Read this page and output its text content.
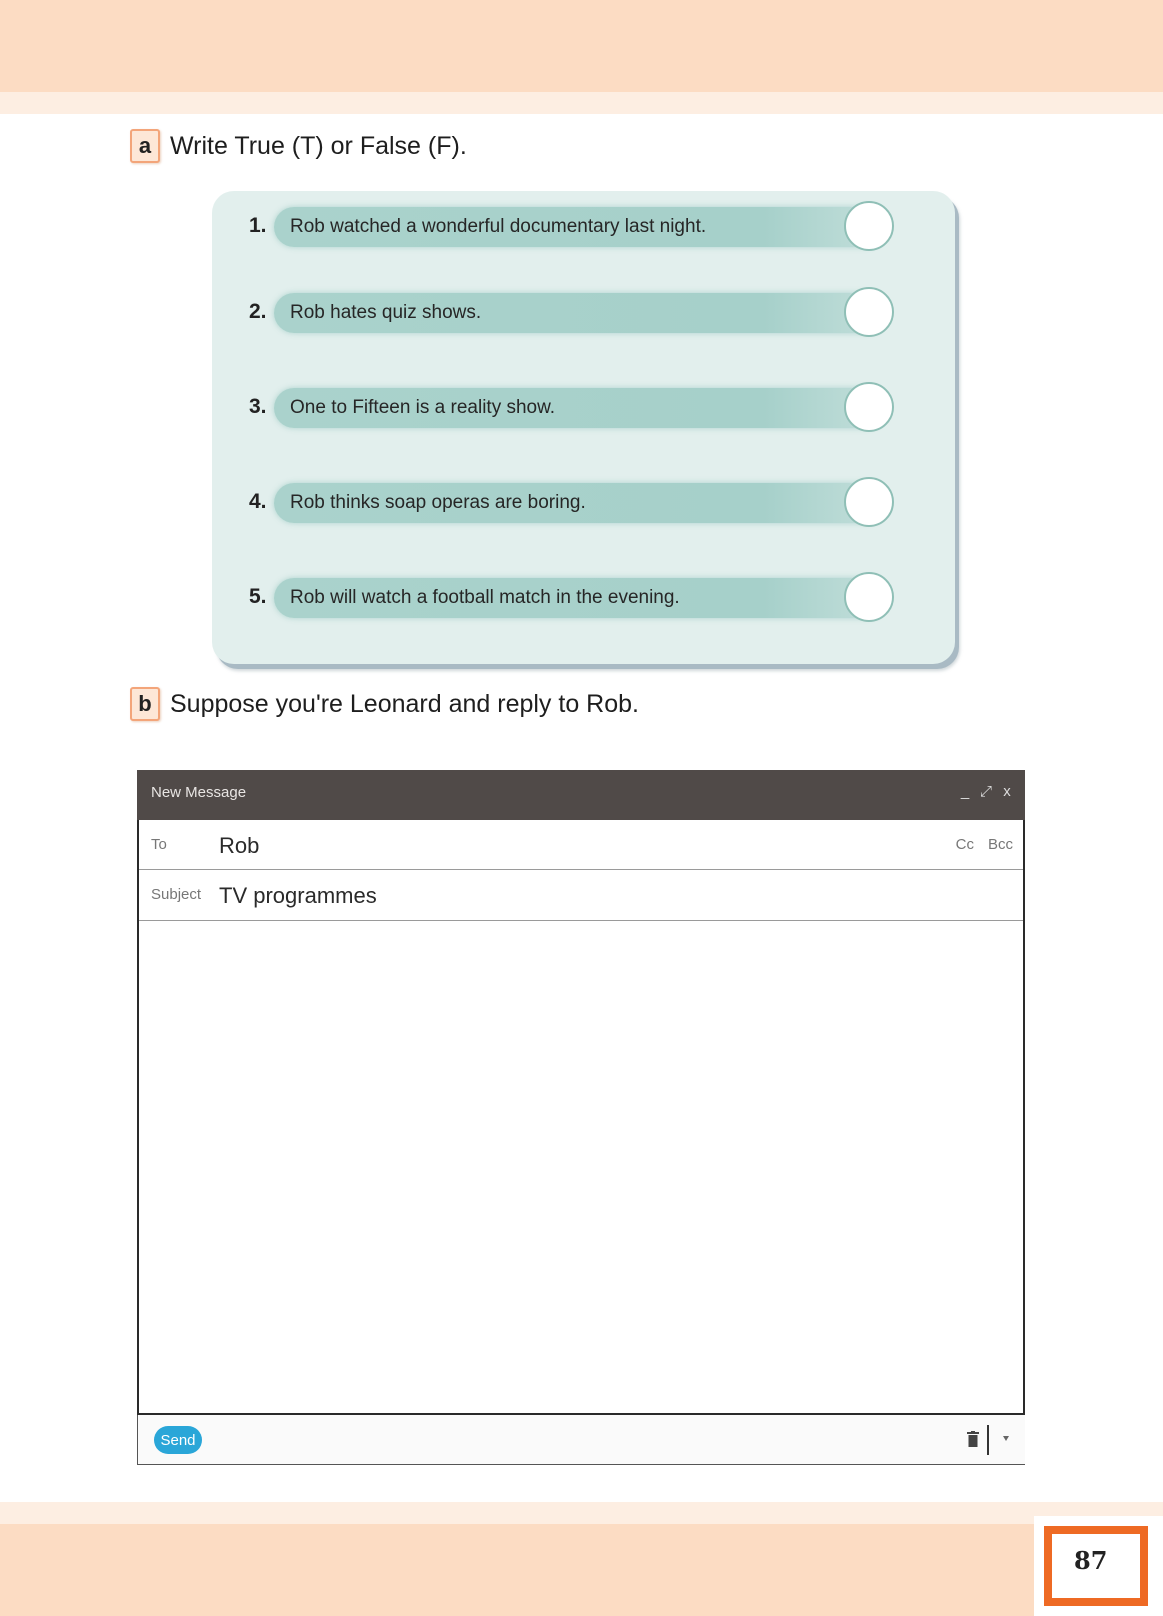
a Write True (T) or False (F).
1. Rob watched a wonderful documentary last night.
2. Rob hates quiz shows.
3. One to Fifteen is a reality show.
4. Rob thinks soap operas are boring.
5. Rob will watch a football match in the evening.
b Suppose you're Leonard and reply to Rob.
New Message	_ ⤢ x
To Rob	Cc Bcc
Subject TV programmes
Send
87
